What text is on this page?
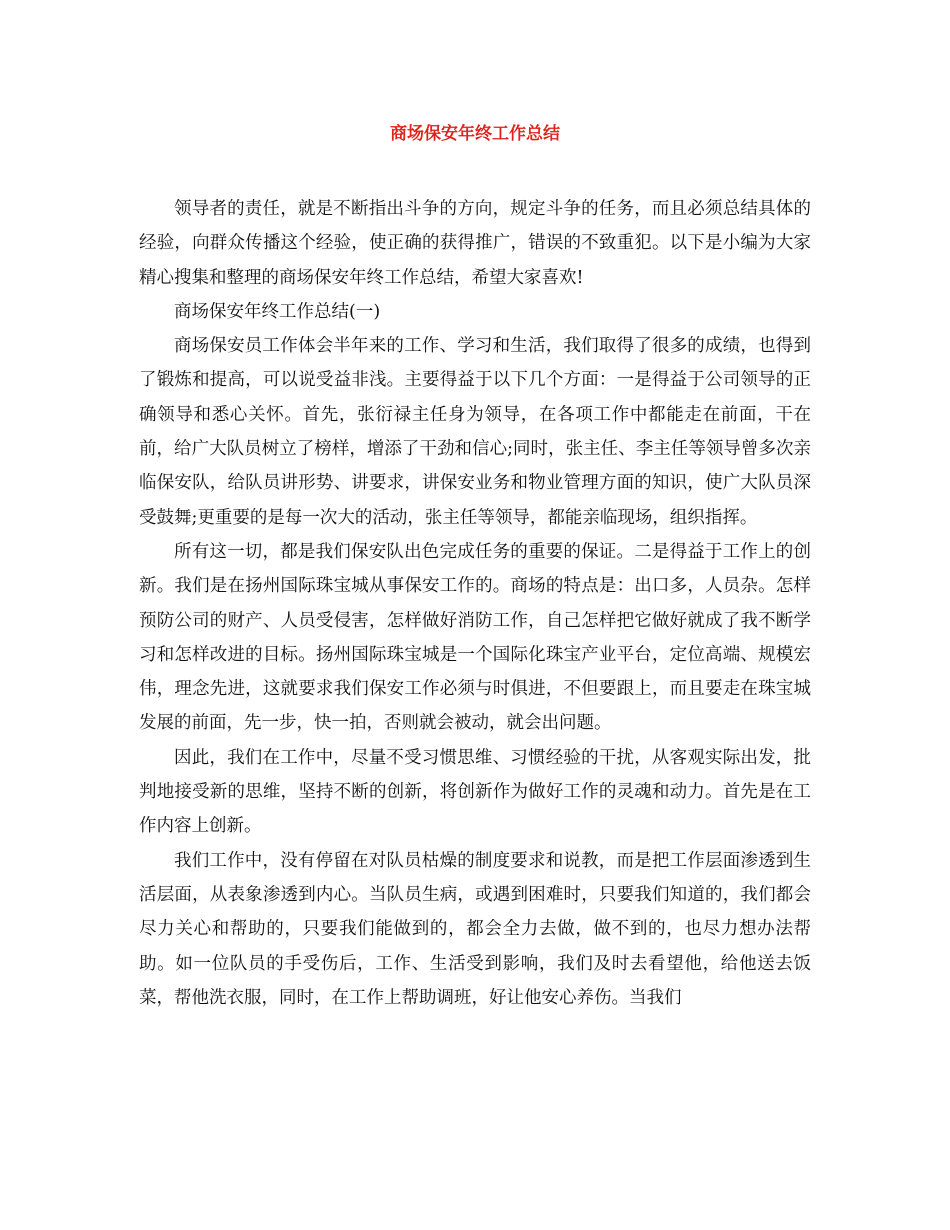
商场保安年终工作总结

领导者的责任，就是不断指出斗争的方向，规定斗争的任务，而且必须总结具体的经验，向群众传播这个经验，使正确的获得推广，错误的不致重犯。以下是小编为大家精心搜集和整理的商场保安年终工作总结，希望大家喜欢!

商场保安年终工作总结(一)

商场保安员工作体会半年来的工作、学习和生活，我们取得了很多的成绩，也得到了锻炼和提高，可以说受益非浅。主要得益于以下几个方面：一是得益于公司领导的正确领导和悉心关怀。首先，张衍禄主任身为领导，在各项工作中都能走在前面，干在前，给广大队员树立了榜样，增添了干劲和信心;同时，张主任、李主任等领导曾多次亲临保安队，给队员讲形势、讲要求，讲保安业务和物业管理方面的知识，使广大队员深受鼓舞;更重要的是每一次大的活动，张主任等领导，都能亲临现场，组织指挥。

所有这一切，都是我们保安队出色完成任务的重要的保证。二是得益于工作上的创新。我们是在扬州国际珠宝城从事保安工作的。商场的特点是：出口多，人员杂。怎样预防公司的财产、人员受侵害，怎样做好消防工作，自己怎样把它做好就成了我不断学习和怎样改进的目标。扬州国际珠宝城是一个国际化珠宝产业平台，定位高端、规模宏伟，理念先进，这就要求我们保安工作必须与时俱进，不但要跟上，而且要走在珠宝城发展的前面，先一步，快一拍，否则就会被动，就会出问题。

因此，我们在工作中，尽量不受习惯思维、习惯经验的干扰，从客观实际出发，批判地接受新的思维，坚持不断的创新，将创新作为做好工作的灵魂和动力。首先是在工作内容上创新。

我们工作中，没有停留在对队员枯燥的制度要求和说教，而是把工作层面渗透到生活层面，从表象渗透到内心。当队员生病，或遇到困难时，只要我们知道的，我们都会尽力关心和帮助的，只要我们能做到的，都会全力去做，做不到的，也尽力想办法帮助。如一位队员的手受伤后，工作、生活受到影响，我们及时去看望他，给他送去饭菜，帮他洗衣服，同时，在工作上帮助调班，好让他安心养伤。当我们
